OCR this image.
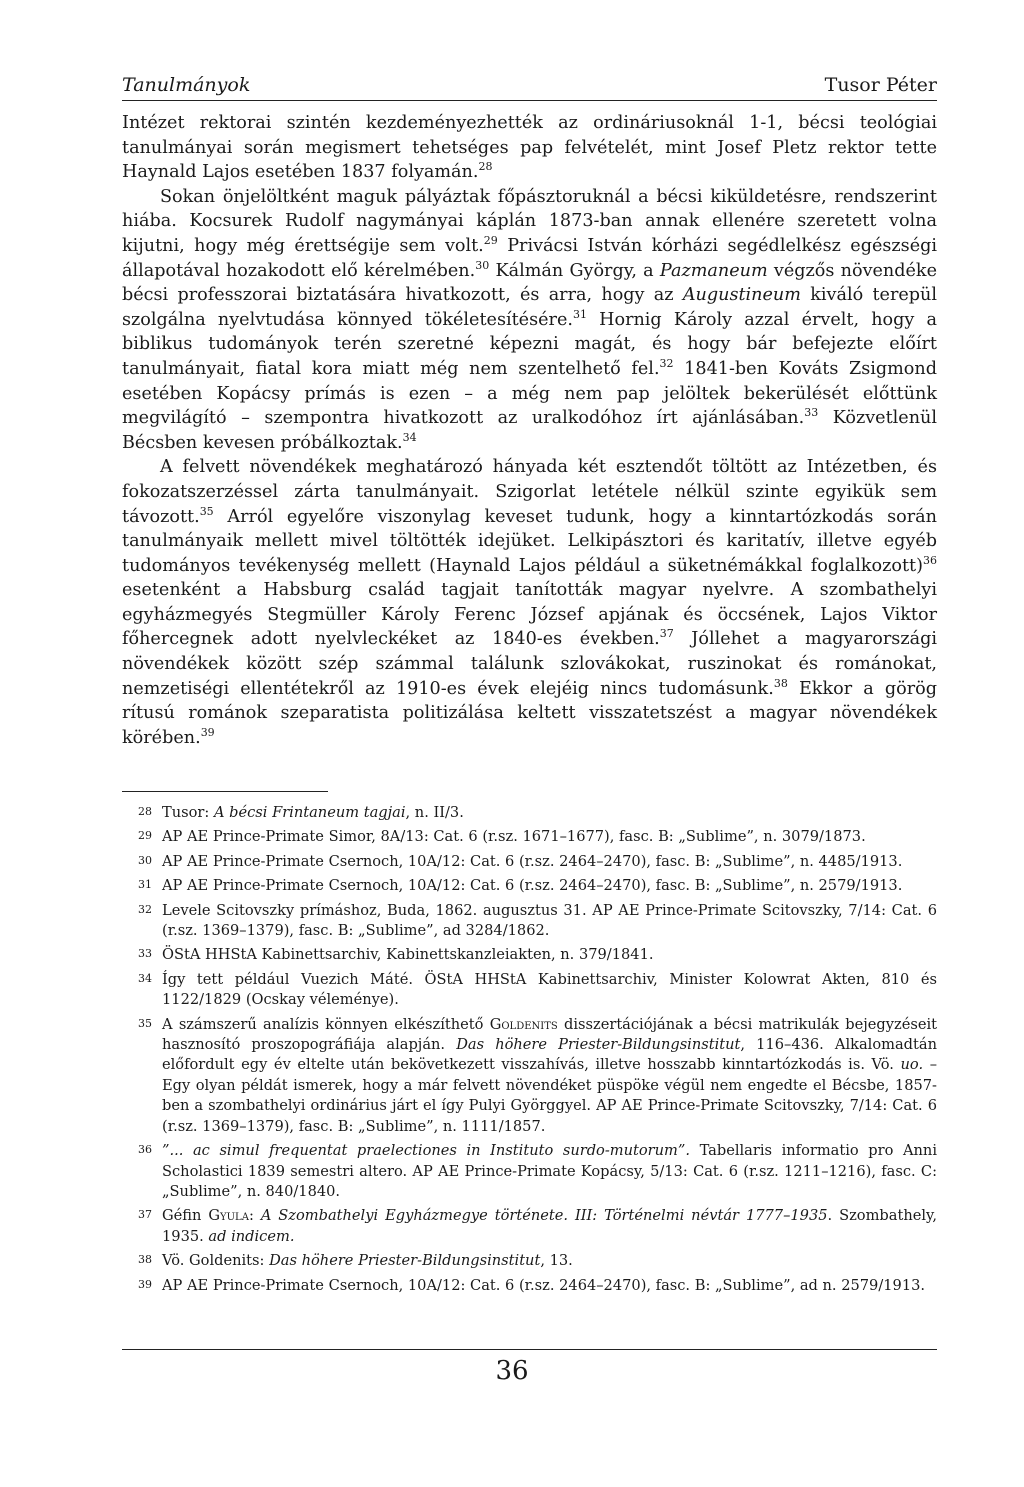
Tanulmányok	Tusor Péter

Intézet rektorai szintén kezdeményezhették az ordináriusoknál 1-1, bécsi teológiai tanulmányai során megismert tehetséges pap felvételét, mint Josef Pletz rektor tette Haynald Lajos esetében 1837 folyamán.$^{28}$

Sokan önjelöltként maguk pályáztak főpásztoruknál a bécsi kiküldetésre, rendszerint hiába. Kocsurek Rudolf nagymányai káplán 1873-ban annak ellenére szeretett volna kijutni, hogy még érettségije sem volt.$^{29}$ Privácsi István kórházi segédlelkész egészségi állapotával hozakodott elő kérelmében.$^{30}$ Kálmán György, a Pazmaneum végzős növendéke bécsi professzorai biztatására hivatkozott, és arra, hogy az Augustineum kiváló terepül szolgálna nyelvtudása könnyed tökéletesítésére.$^{31}$ Hornig Károly azzal érvelt, hogy a biblikus tudományok terén szeretné képezni magát, és hogy bár befejezte előírt tanulmányait, fiatal kora miatt még nem szentelhető fel.$^{32}$ 1841-ben Kováts Zsigmond esetében Kopácsy prímás is ezen – a még nem pap jelöltek bekerülését előttünk megvilágító – szempontra hivatkozott az uralkodóhoz írt ajánlásában.$^{33}$ Közvetlenül Bécsben kevesen próbálkoztak.$^{34}$

A felvett növendékek meghatározó hányada két esztendőt töltött az Intézetben, és fokozatszerzéssel zárta tanulmányait. Szigorlat letétele nélkül szinte egyikük sem távozott.$^{35}$ Arról egyelőre viszonylag keveset tudunk, hogy a kinntartózkodás során tanulmányaik mellett mivel töltötték idejüket. Lelkipásztori és karitatív, illetve egyéb tudományos tevékenység mellett (Haynald Lajos például a süketnémákkal foglalkozott)$^{36}$ esetenként a Habsburg család tagjait tanították magyar nyelvre. A szombathelyi egyházmegyés Stegmüller Károly Ferenc József apjának és öccsének, Lajos Viktor főhercegnek adott nyelvleckéket az 1840-es években.$^{37}$ Jóllehet a magyarországi növendékek között szép számmal találunk szlovákokat, ruszinokat és románokat, nemzetiségi ellentétekről az 1910-es évek elejéig nincs tudomásunk.$^{38}$ Ekkor a görög rítusú románok szeparatista politizálása keltett visszatetszést a magyar növendékek körében.$^{39}$

28 Tusor: A bécsi Frintaneum tagjai, n. II/3.
29 AP AE Prince-Primate Simor, 8A/13: Cat. 6 (r.sz. 1671–1677), fasc. B: „Sublime”, n. 3079/1873.
30 AP AE Prince-Primate Csernoch, 10A/12: Cat. 6 (r.sz. 2464–2470), fasc. B: „Sublime”, n. 4485/1913.
31 AP AE Prince-Primate Csernoch, 10A/12: Cat. 6 (r.sz. 2464–2470), fasc. B: „Sublime”, n. 2579/1913.
32 Levele Scitovszky prímáshoz, Buda, 1862. augusztus 31. AP AE Prince-Primate Scitovszky, 7/14: Cat. 6 (r.sz. 1369–1379), fasc. B: „Sublime”, ad 3284/1862.
33 ÖStA HHStA Kabinettsarchiv, Kabinettskanzleiakten, n. 379/1841.
34 Így tett például Vuezich Máté. ÖStA HHStA Kabinettsarchiv, Minister Kolowrat Akten, 810 és 1122/1829 (Ocskay véleménye).
35 A számszerű analízis könnyen elkészíthető Goldenits disszertációjának a bécsi matrikulák bejegyzéseit hasznosító proszopográfiája alapján. Das höhere Priester-Bildungsinstitut, 116–436. Alkalomadtán előfordult egy év eltelte után bekövetkezett visszahívás, illetve hosszabb kinntartózkodás is. Vö. uo. – Egy olyan példát ismerek, hogy a már felvett növendéket püspöke végül nem engedte el Bécsbe, 1857-ben a szombathelyi ordinárius járt el így Pulyi Györggyel. AP AE Prince-Primate Scitovszky, 7/14: Cat. 6 (r.sz. 1369–1379), fasc. B: „Sublime”, n. 1111/1857.
36 ”... ac simul frequentat praelectiones in Instituto surdo-mutorum”. Tabellaris informatio pro Anni Scholastici 1839 semestri altero. AP AE Prince-Primate Kopácsy, 5/13: Cat. 6 (r.sz. 1211–1216), fasc. C: „Sublime”, n. 840/1840.
37 Géfin Gyula: A Szombathelyi Egyházmegye története. III: Történelmi névtár 1777–1935. Szombathely, 1935. ad indicem.
38 Vö. Goldenits: Das höhere Priester-Bildungsinstitut, 13.
39 AP AE Prince-Primate Csernoch, 10A/12: Cat. 6 (r.sz. 2464–2470), fasc. B: „Sublime”, ad n. 2579/1913.
36
